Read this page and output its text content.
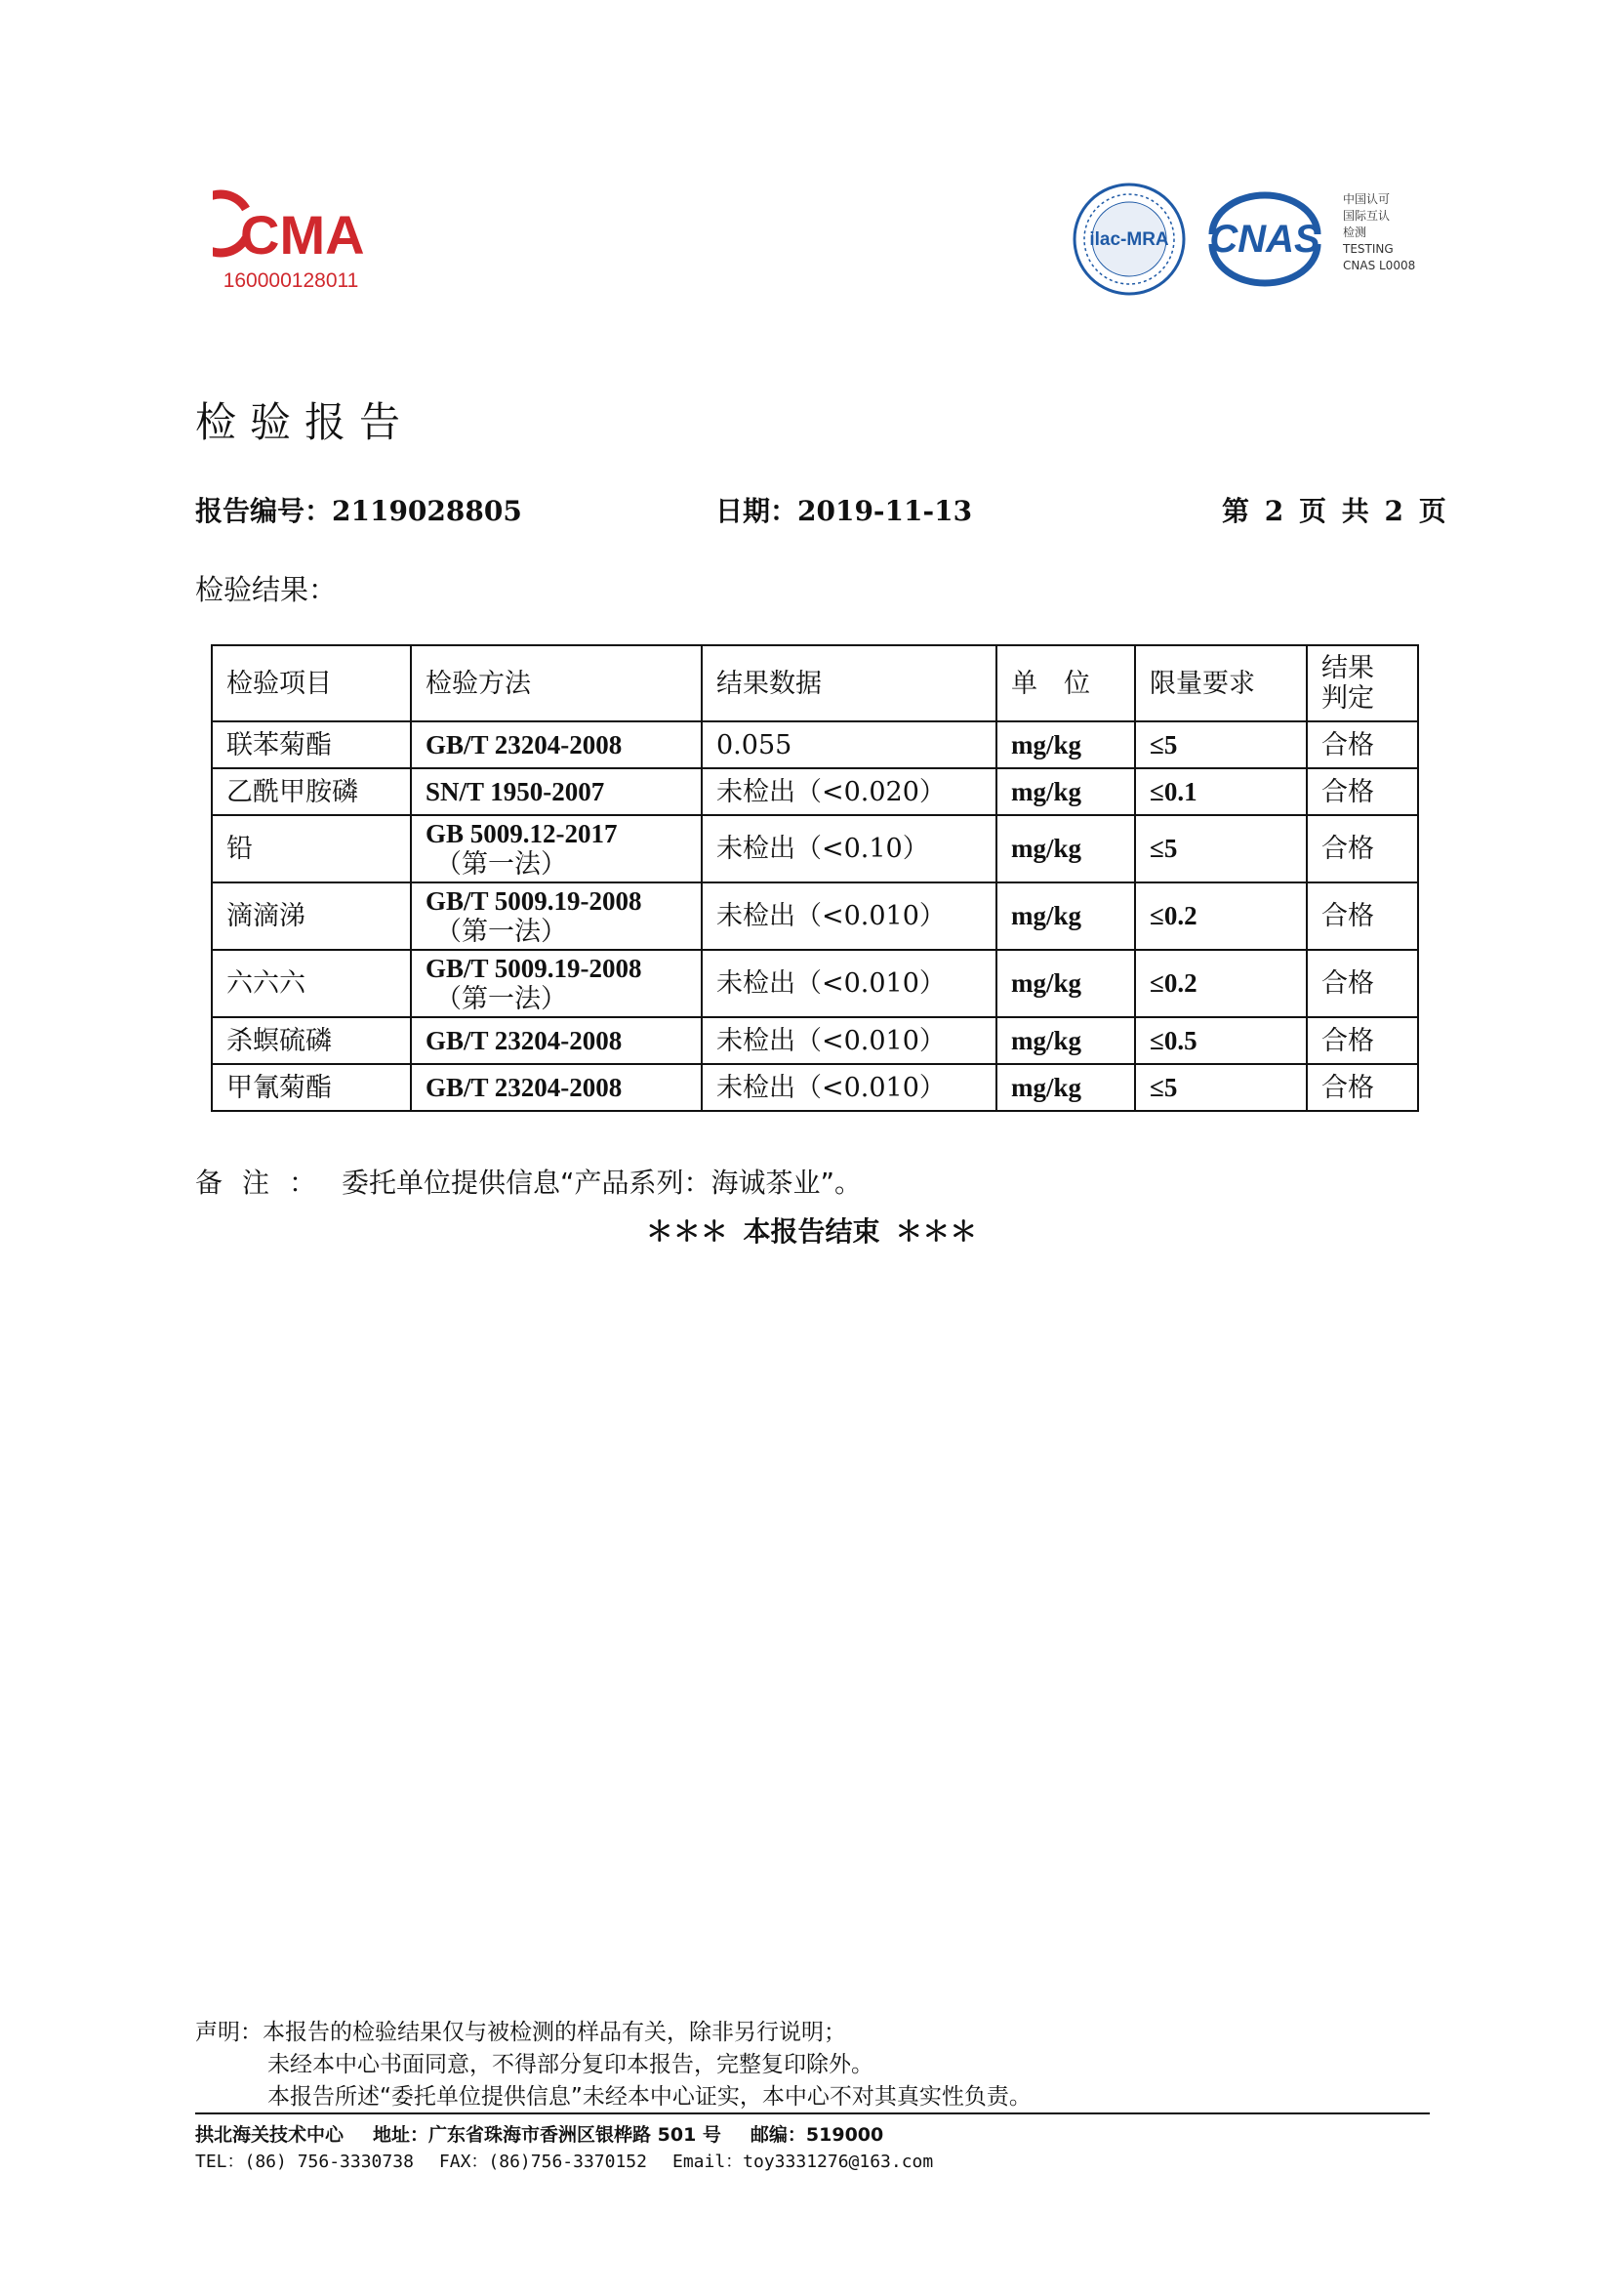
CMA
160000128011
ilac-MRA CNAS
中国认可
国际互认
检测
TESTING
CNAS L0008
检验报告
报告编号：2119028805	日期：2019-11-13	第 2 页 共 2 页
检验结果：
检验项目	检验方法	结果数据	单　位	限量要求	结果
判定

联苯菊酯	GB/T 23204-2008	0.055	mg/kg	≤5	合格
乙酰甲胺磷	SN/T 1950-2007	未检出（<0.020）	mg/kg	≤0.1	合格
铅	GB 5009.12-2017
（第一法）	未检出（<0.10）	mg/kg	≤5	合格
滴滴涕	GB/T 5009.19-2008
（第一法）	未检出（<0.010）	mg/kg	≤0.2	合格
六六六	GB/T 5009.19-2008
（第一法）	未检出（<0.010）	mg/kg	≤0.2	合格
杀螟硫磷	GB/T 23204-2008	未检出（<0.010）	mg/kg	≤0.5	合格
甲氰菊酯	GB/T 23204-2008	未检出（<0.010）	mg/kg	≤5	合格
备注： 委托单位提供信息“产品系列：海诚茶业”。
＊＊＊ 本报告结束 ＊＊＊
声明：本报告的检验结果仅与被检测的样品有关，除非另行说明；
未经本中心书面同意，不得部分复印本报告，完整复印除外。
本报告所述“委托单位提供信息”未经本中心证实，本中心不对其真实性负责。
拱北海关技术中心 地址：广东省珠海市香洲区银桦路 501 号 邮编：519000
TEL：(86) 756-3330738 FAX：(86)756-3370152 Email：toy3331276@163.com
